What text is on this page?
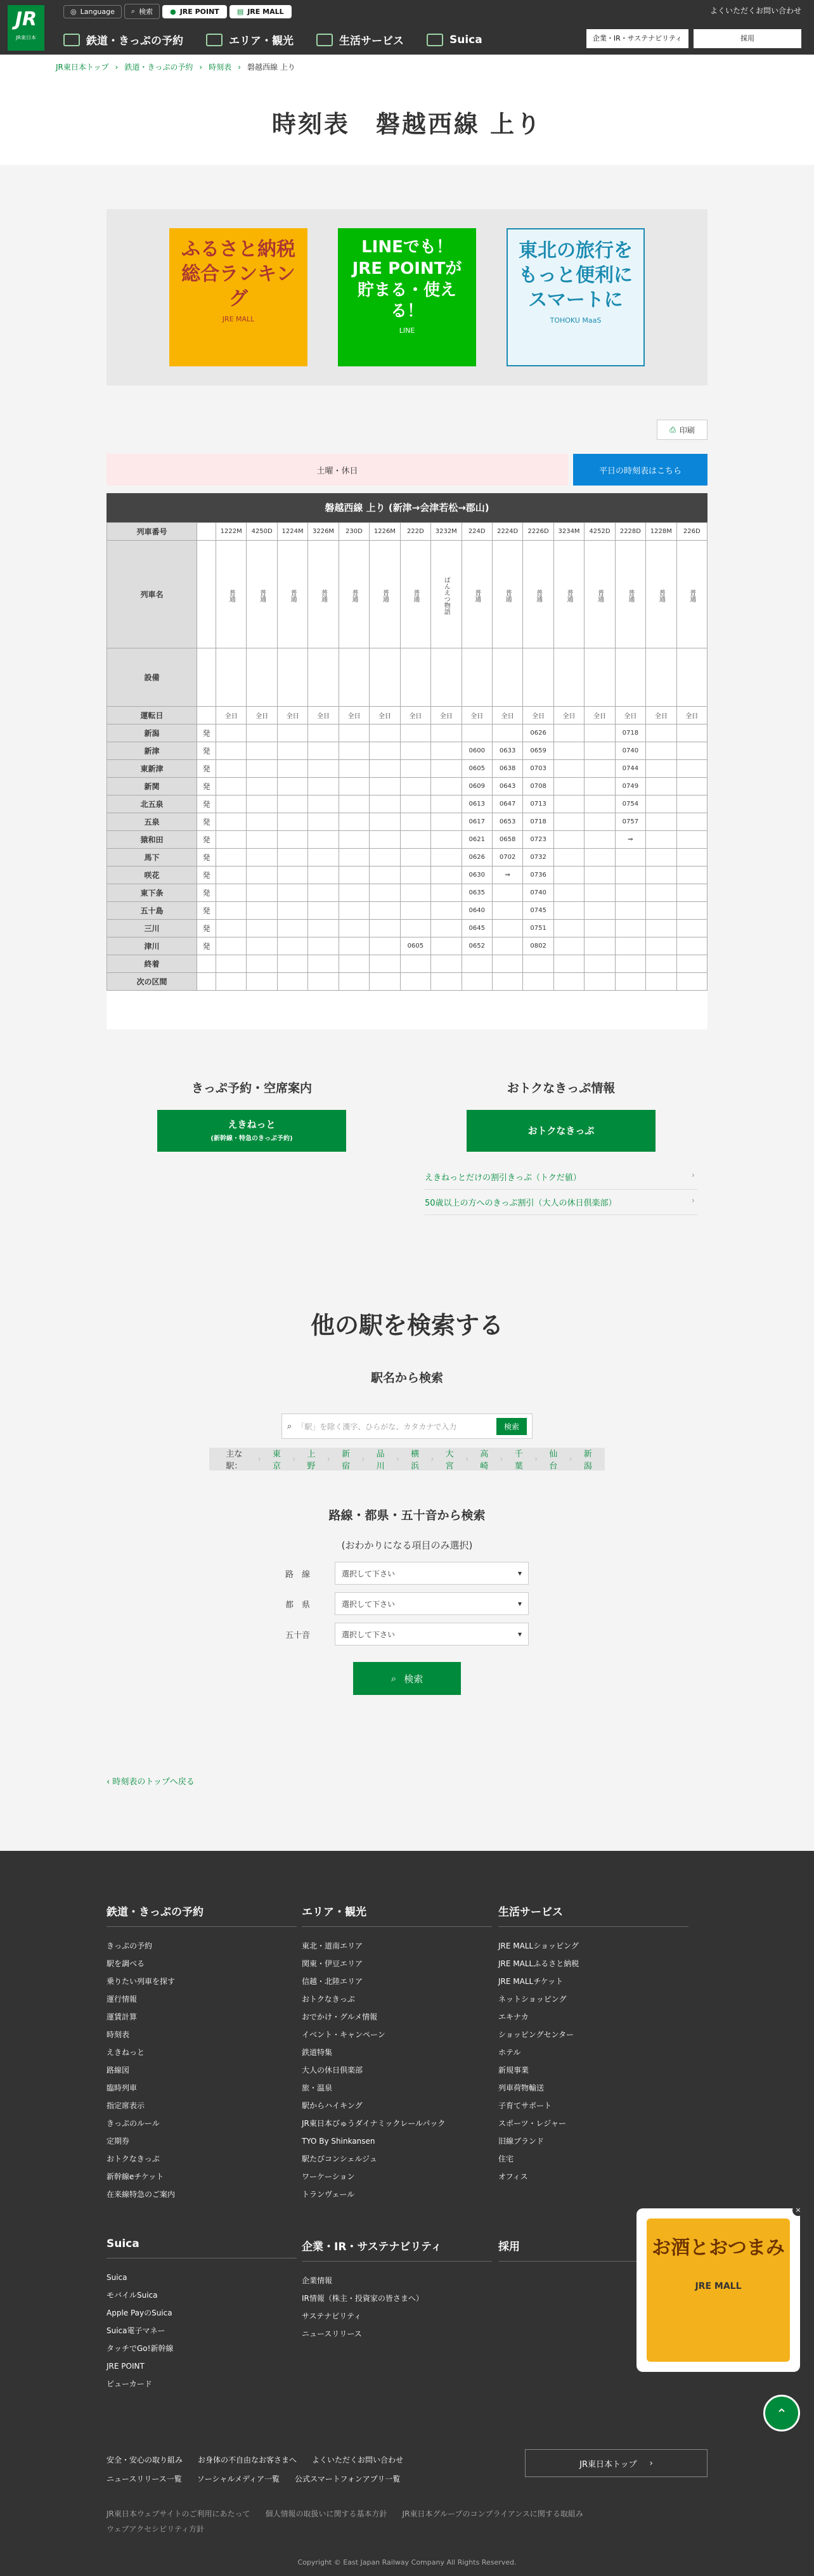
JR
JR東日本
◎ Language ⌕ 検索 ● JRE POINT	▤ JRE MALL
鉄道・きっぷの予約	エリア・観光	生活サービス	Suica
よくいただくお問い合わせ
企業・IR・サステナビリティ	採用
JR東日本トップ › 鉄道・きっぷの予約 › 時刻表 › 磐越西線 上り
時刻表　磐越西線 上り
ふるさと納税総合ランキング
JRE MALL
LINEでも！JRE POINTが貯まる・使える！
LINE
東北の旅行をもっと便利にスマートに
TOHOKU MaaS
⎙ 印刷
土曜・休日	平日の時刻表はこちら
磐越西線 上り (新津→会津若松→郡山)
列車番号		1222M	4250D	1224M	3226M	230D	1226M	222D	3232M	224D	2224D	2226D	3234M	4252D	2228D	1228M	226D
列車名		普通	普通	普通	普通	普通	普通	普通	ばんえつ物語	普通	普通	普通	普通	普通	普通	普通	普通
設備																	
運転日		全日	全日	全日	全日	全日	全日	全日	全日	全日	全日	全日	全日	全日	全日	全日	全日
新潟	発											0626			0718		
新津	発									0600	0633	0659			0740		
東新津	発									0605	0638	0703			0744		
新関	発									0609	0643	0708			0749		
北五泉	発									0613	0647	0713			0754		
五泉	発									0617	0653	0718			0757		
猿和田	発									0621	0658	0723			⇒		
馬下	発									0626	0702	0732					
咲花	発									0630	⇒	0736					
東下条	発									0635		0740					
五十島	発									0640		0745					
三川	発									0645		0751					
津川	発							0605		0652		0802					
終着																	
次の区間																	
きっぷ予約・空席案内
えきねっと
(新幹線・特急のきっぷ予約)
おトクなきっぷ情報
おトクなきっぷ
えきねっとだけの割引きっぷ（トクだ値） ›
50歳以上の方へのきっぷ割引（大人の休日倶楽部） ›
他の駅を検索する
駅名から検索
⌕ 「駅」を除く漢字、ひらがな、カタカナで入力	検索
主な駅：
›	東京
›	上野
›	新宿
›	品川
›	横浜
›	大宮
›	高崎
›	千葉
›	仙台
›	新潟
路線・都県・五十音から検索
(おわかりになる項目のみ選択)
路　線	選択して下さい	▾
都　県	選択して下さい	▾
五十音	選択して下さい	▾
⌕ 検索
‹ 時刻表のトップへ戻る
鉄道・きっぷの予約
きっぷの予約
駅を調べる
乗りたい列車を探す
運行情報
運賃計算
時刻表
えきねっと
路線図
臨時列車
指定席表示
きっぷのルール
定期券
おトクなきっぷ
新幹線eチケット
在来線特急のご案内
エリア・観光
東北・道南エリア
関東・伊豆エリア
信越・北陸エリア
おトクなきっぷ
おでかけ・グルメ情報
イベント・キャンペーン
鉄道特集
大人の休日倶楽部
旅・温泉
駅からハイキング
JR東日本びゅうダイナミックレールパック
TYO By Shinkansen
駅たびコンシェルジュ
ワーケーション
トランヴェール
生活サービス
JRE MALLショッピング
JRE MALLふるさと納税
JRE MALLチケット
ネットショッピング
エキナカ
ショッピングセンター
ホテル
新規事業
列車荷物輸送
子育てサポート
スポーツ・レジャー
旧線ブランド
住宅
オフィス
Suica
Suica
モバイルSuica
Apple PayのSuica
Suica電子マネー
タッチでGo!新幹線
JRE POINT
ビューカード
企業・IR・サステナビリティ
企業情報
IR情報（株主・投資家の皆さまへ）
サステナビリティ
ニュースリリース
採用
安全・安心の取り組み　　お身体の不自由なお客さまへ　　よくいただくお問い合わせ
ニュースリリース一覧　　ソーシャルメディア一覧　　公式スマートフォンアプリ一覧
JR東日本トップ ›
JR東日本ウェブサイトのご利用にあたって　　個人情報の取扱いに関する基本方針　　JR東日本グループのコンプライアンスに関する取組み
ウェブアクセシビリティ方針
Copyright © East Japan Railway Company All Rights Reserved.
×
お酒とおつまみ
JRE MALL
⌃
